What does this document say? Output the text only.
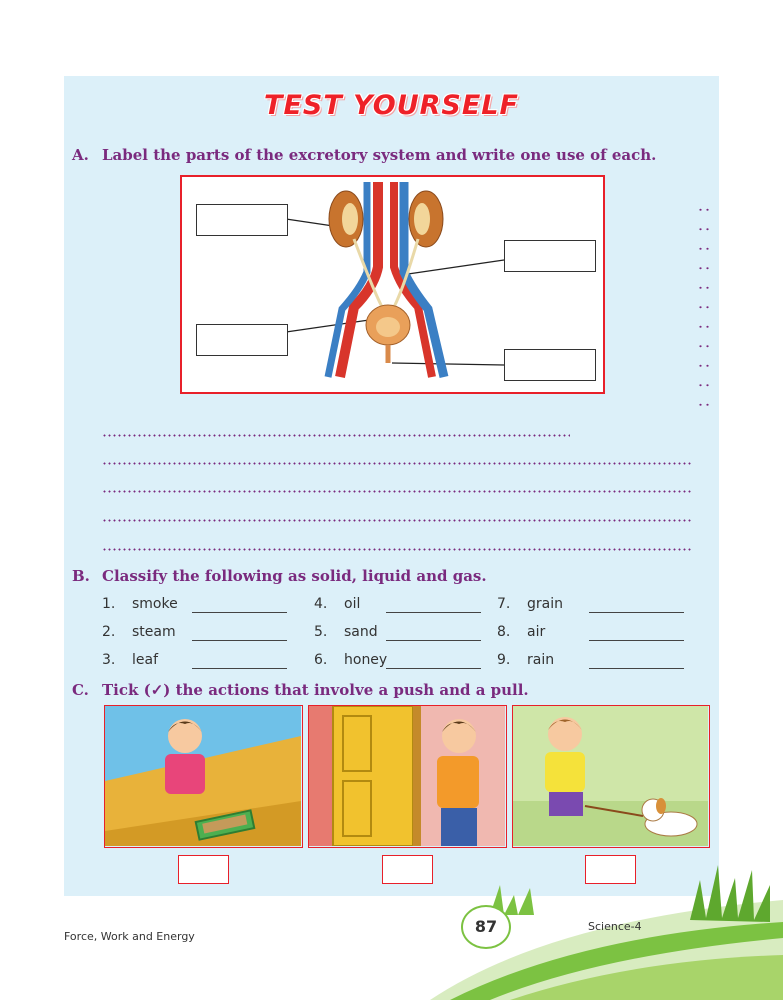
TEST YOURSELF
A. Label the parts of the excretory system and write one use of each.
B. Classify the following as solid, liquid and gas.
1. smoke
2. steam
3. leaf
4. oil
5. sand
6. honey
7. grain
8. air
9. rain
C. Tick (✓) the actions that involve a push and a pull.
Force, Work and Energy
87	Science-4
